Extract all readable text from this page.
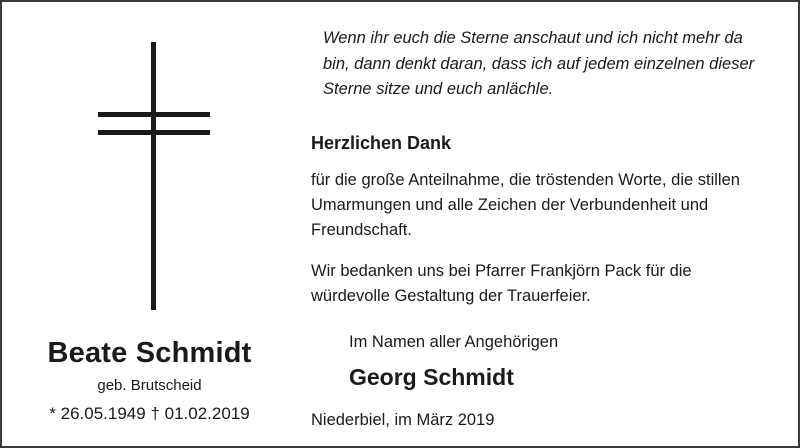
Beate Schmidt

geb. Brutscheid

* 26.05.1949 † 01.02.2019

Wenn ihr euch die Sterne anschaut und ich nicht mehr da bin, dann denkt daran, dass ich auf jedem einzelnen dieser Sterne sitze und euch anlächle.

Herzlichen Dank

für die große Anteilnahme, die tröstenden Worte, die stillen Umarmungen und alle Zeichen der Verbundenheit und Freundschaft.

Wir bedanken uns bei Pfarrer Frankjörn Pack für die würdevolle Gestaltung der Trauerfeier.

Im Namen aller Angehörigen

Georg Schmidt

Niederbiel, im März 2019
